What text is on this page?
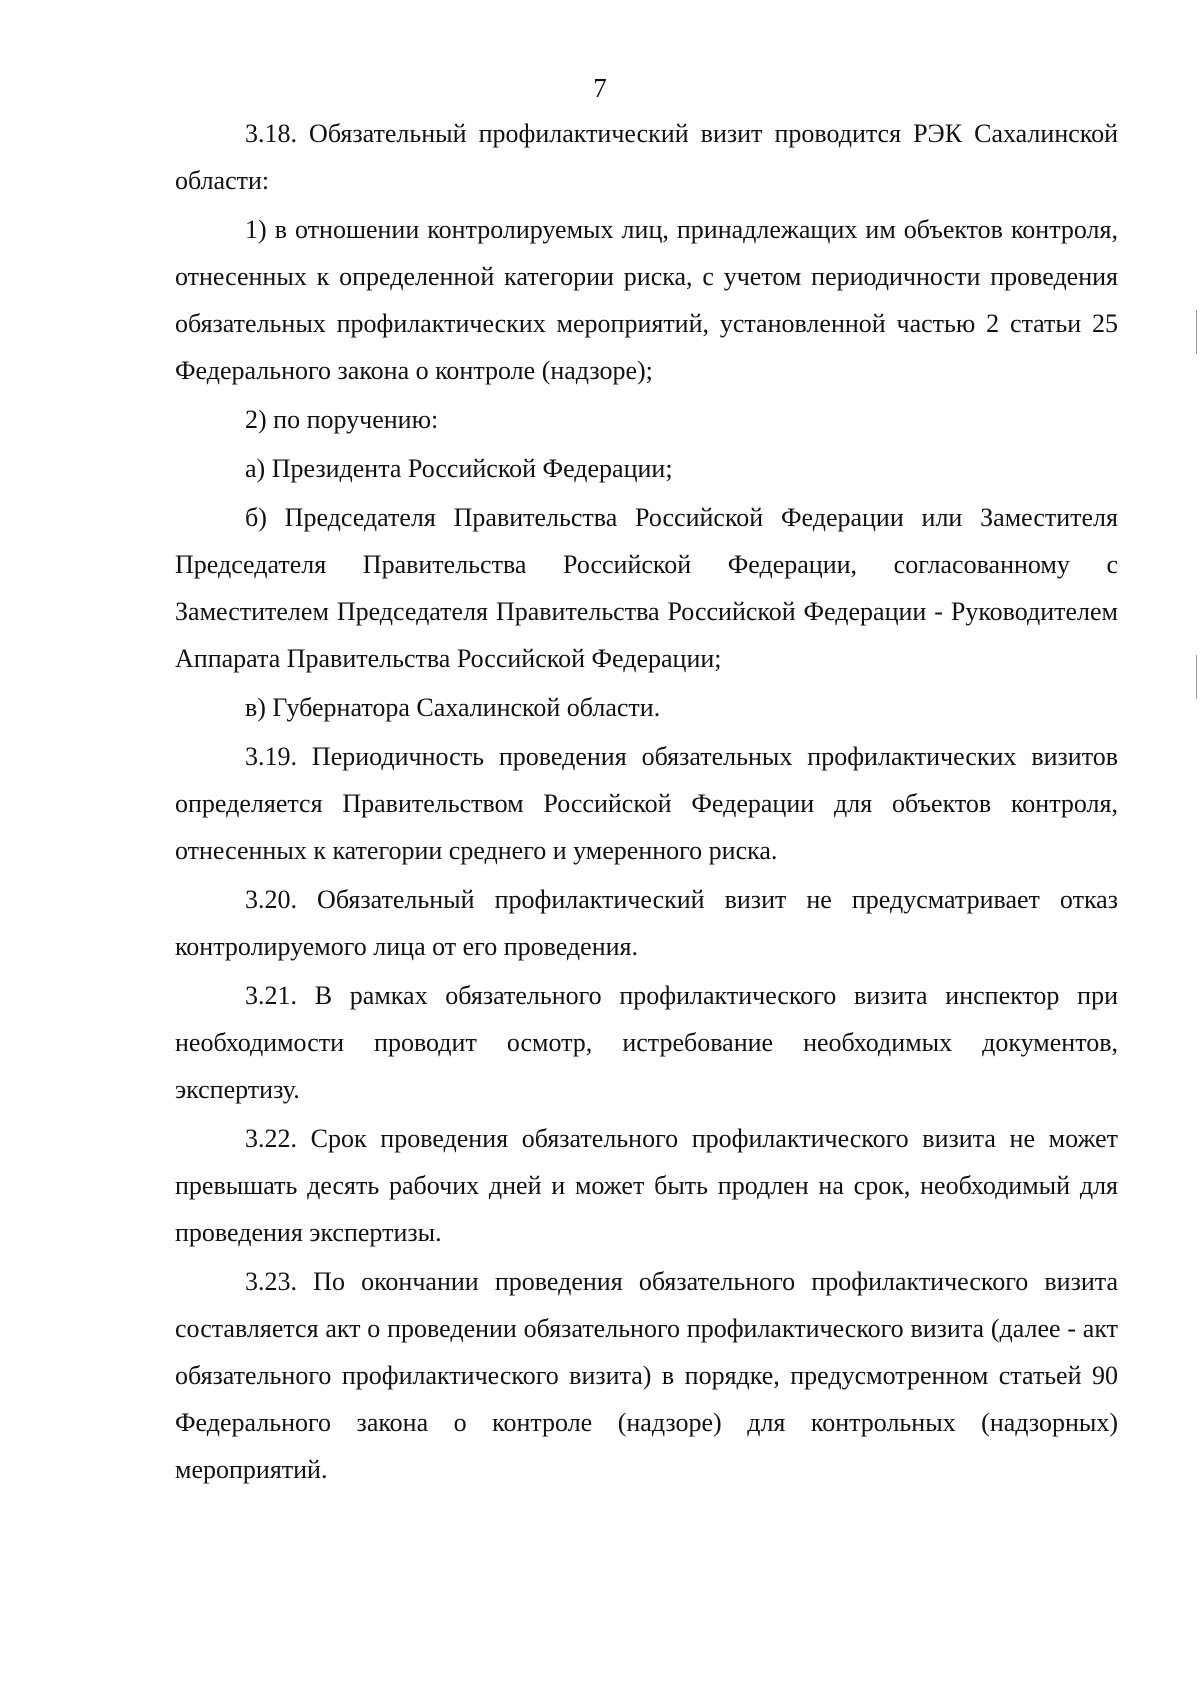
7

3.18. Обязательный профилактический визит проводится РЭК Сахалинской области:

1) в отношении контролируемых лиц, принадлежащих им объектов контроля, отнесенных к определенной категории риска, с учетом периодичности проведения обязательных профилактических мероприятий, установленной частью 2 статьи 25 Федерального закона о контроле (надзоре);

2) по поручению:

а) Президента Российской Федерации;

б) Председателя Правительства Российской Федерации или Заместителя Председателя Правительства Российской Федерации, согласованному с Заместителем Председателя Правительства Российской Федерации - Руководителем Аппарата Правительства Российской Федерации;

в) Губернатора Сахалинской области.

3.19. Периодичность проведения обязательных профилактических визитов определяется Правительством Российской Федерации для объектов контроля, отнесенных к категории среднего и умеренного риска.

3.20. Обязательный профилактический визит не предусматривает отказ контролируемого лица от его проведения.

3.21. В рамках обязательного профилактического визита инспектор при необходимости проводит осмотр, истребование необходимых документов, экспертизу.

3.22. Срок проведения обязательного профилактического визита не может превышать десять рабочих дней и может быть продлен на срок, необходимый для проведения экспертизы.

3.23. По окончании проведения обязательного профилактического визита составляется акт о проведении обязательного профилактического визита (далее - акт обязательного профилактического визита) в порядке, предусмотренном статьей 90 Федерального закона о контроле (надзоре) для контрольных (надзорных) мероприятий.
